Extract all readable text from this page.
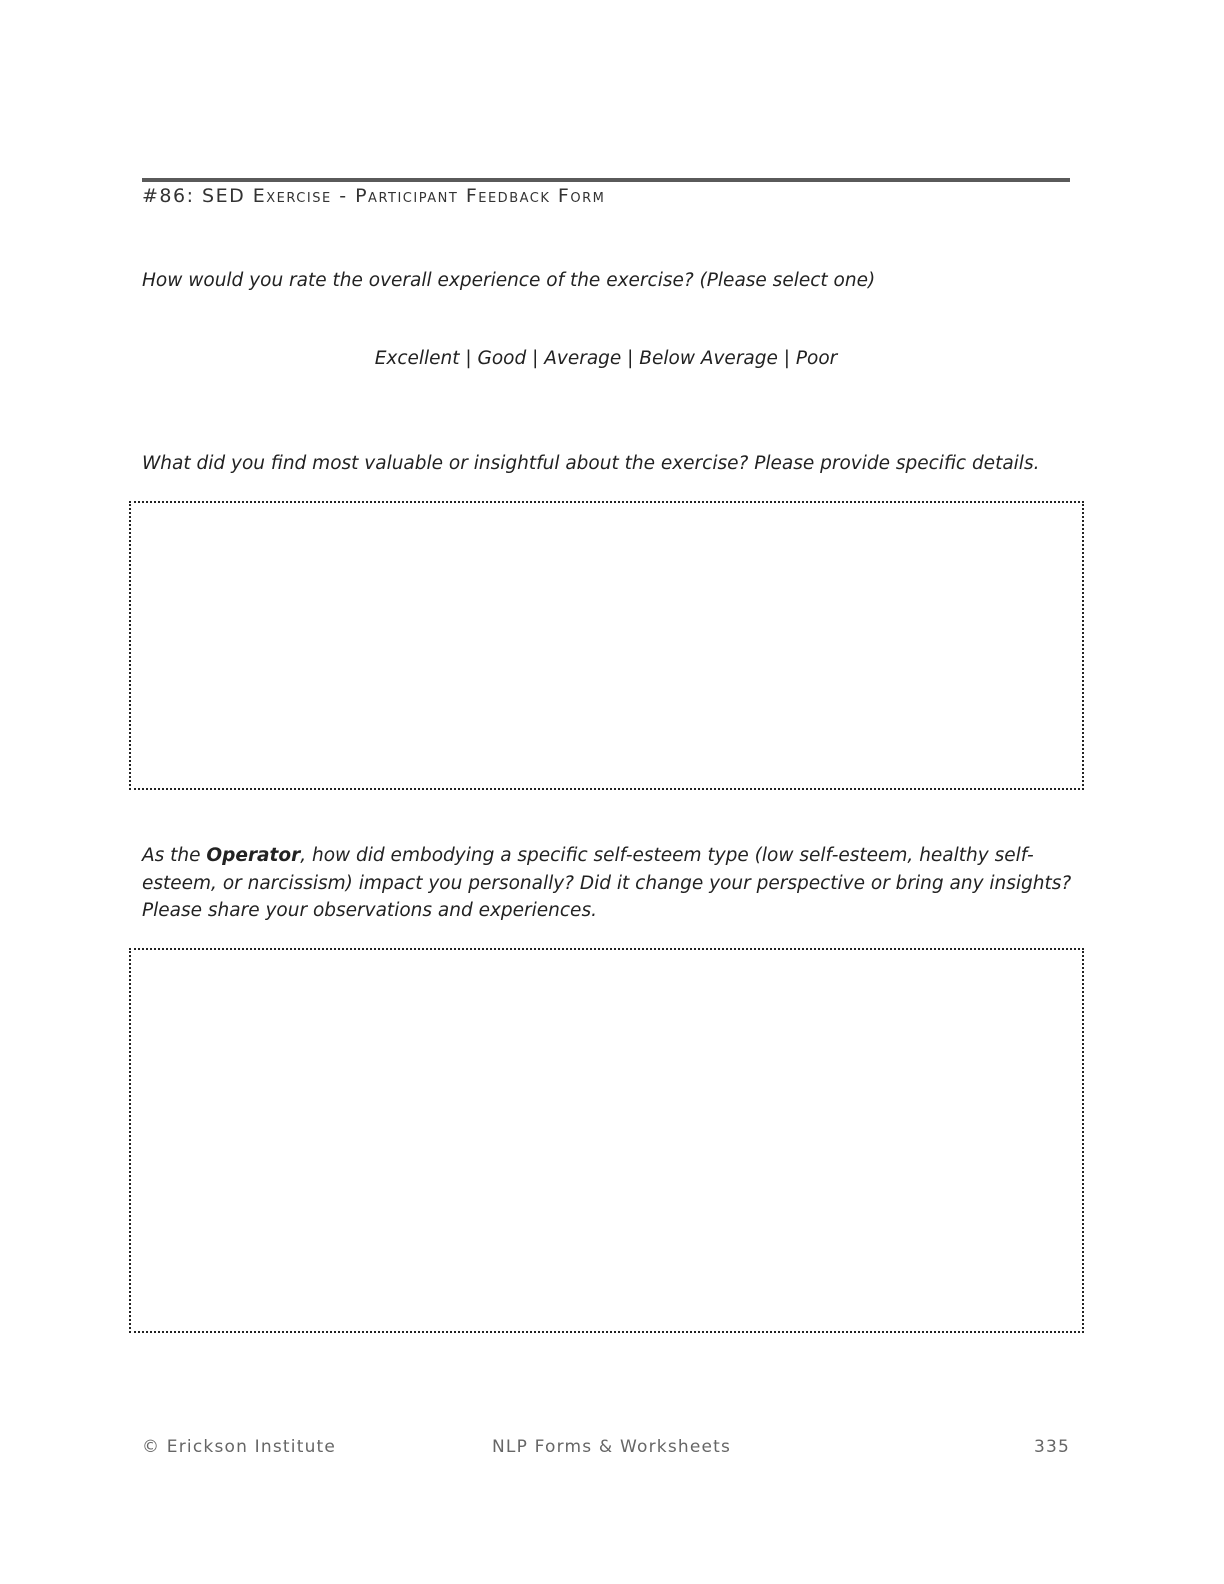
#86: SED Exercise - Participant Feedback Form
How would you rate the overall experience of the exercise? (Please select one)
Excellent | Good | Average | Below Average | Poor
What did you find most valuable or insightful about the exercise? Please provide specific details.
As the Operator, how did embodying a specific self-esteem type (low self-esteem, healthy self-esteem, or narcissism) impact you personally? Did it change your perspective or bring any insights? Please share your observations and experiences.
© Erickson Institute	NLP Forms & Worksheets	335
